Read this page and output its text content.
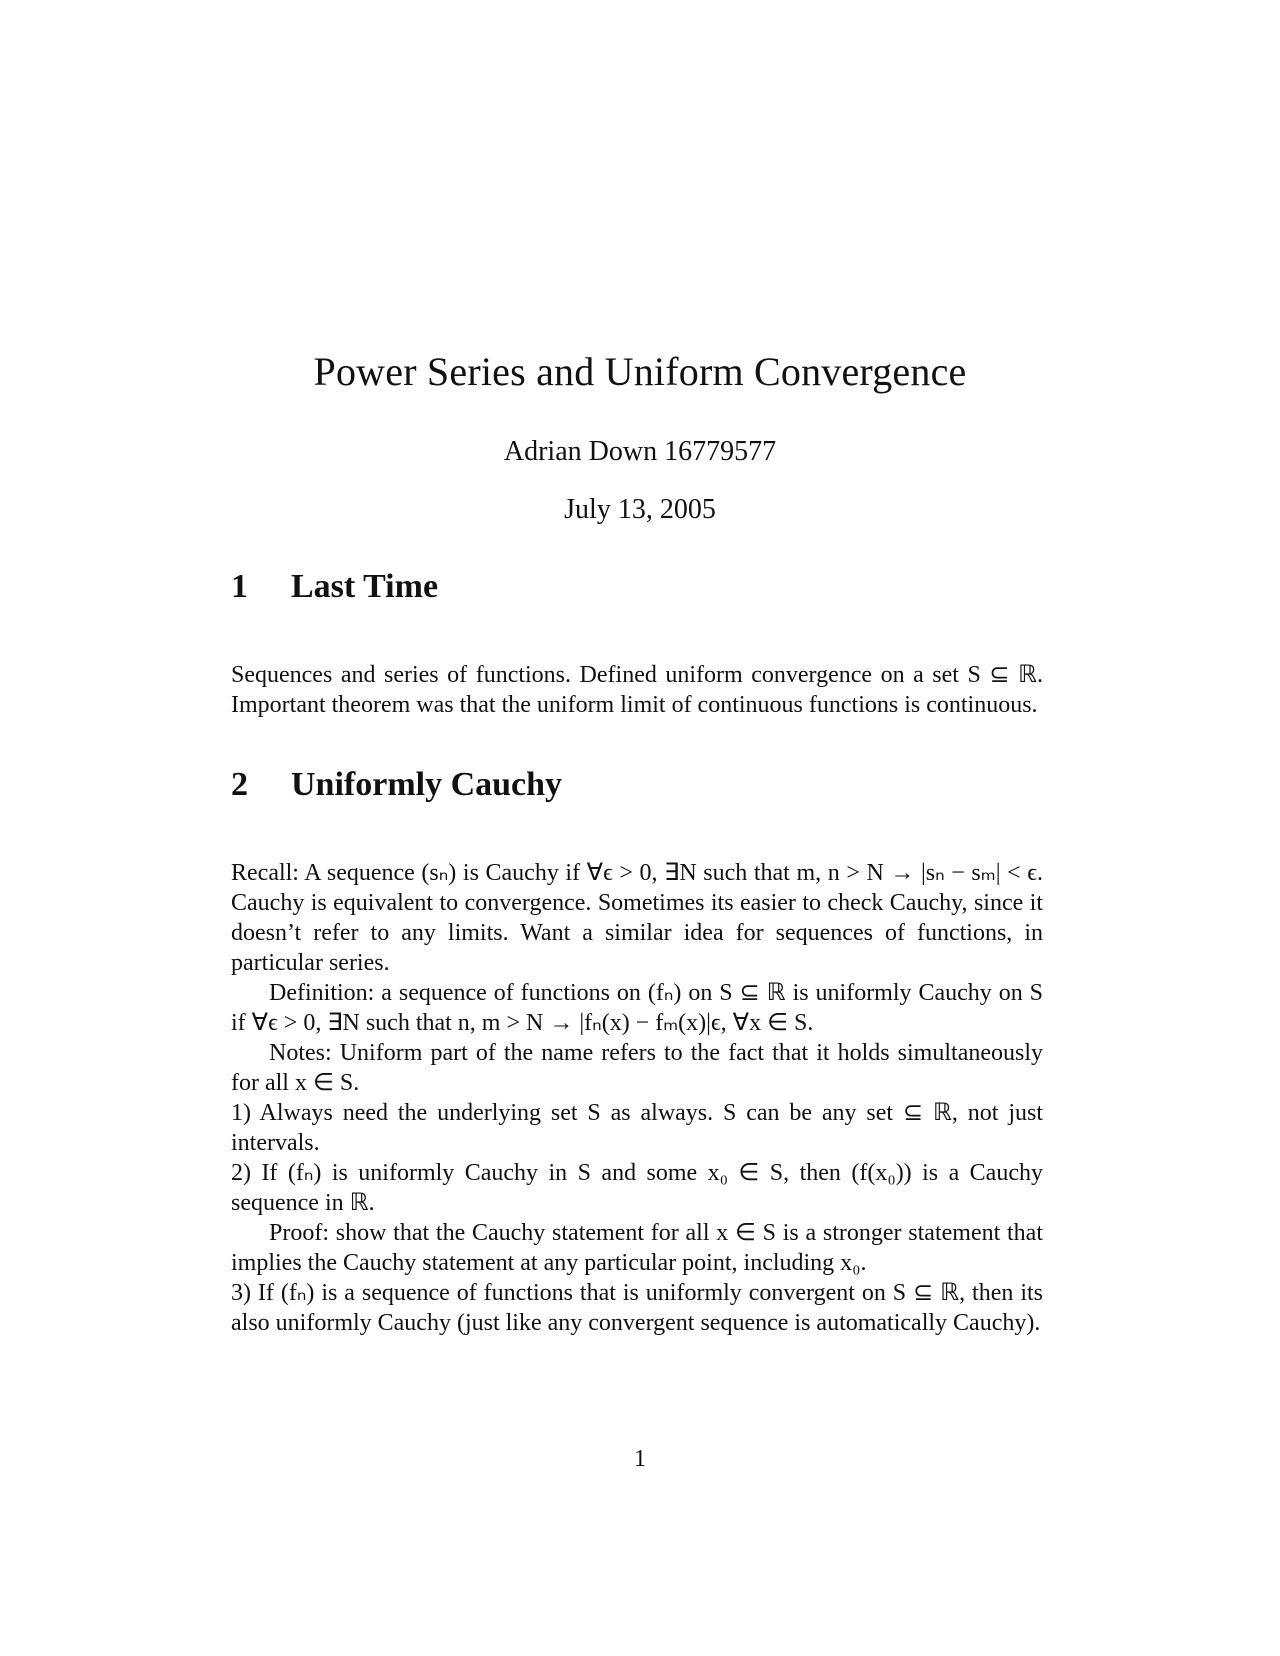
Power Series and Uniform Convergence
Adrian Down 16779577
July 13, 2005
1 Last Time

Sequences and series of functions. Defined uniform convergence on a set S ⊆ ℝ. Important theorem was that the uniform limit of continuous functions is continuous.

2 Uniformly Cauchy

Recall: A sequence (sₙ) is Cauchy if ∀ϵ > 0, ∃N such that m, n > N → |sₙ − sₘ| < ϵ. Cauchy is equivalent to convergence. Sometimes its easier to check Cauchy, since it doesn’t refer to any limits. Want a similar idea for sequences of functions, in particular series.

Definition: a sequence of functions on (fₙ) on S ⊆ ℝ is uniformly Cauchy on S if ∀ϵ > 0, ∃N such that n, m > N → |fₙ(x) − fₘ(x)|ϵ, ∀x ∈ S.

Notes: Uniform part of the name refers to the fact that it holds simultaneously for all x ∈ S.

1) Always need the underlying set S as always. S can be any set ⊆ ℝ, not just intervals.

2) If (fₙ) is uniformly Cauchy in S and some x₀ ∈ S, then (f(x₀)) is a Cauchy sequence in ℝ.

Proof: show that the Cauchy statement for all x ∈ S is a stronger statement that implies the Cauchy statement at any particular point, including x₀.

3) If (fₙ) is a sequence of functions that is uniformly convergent on S ⊆ ℝ, then its also uniformly Cauchy (just like any convergent sequence is automatically Cauchy).

1
